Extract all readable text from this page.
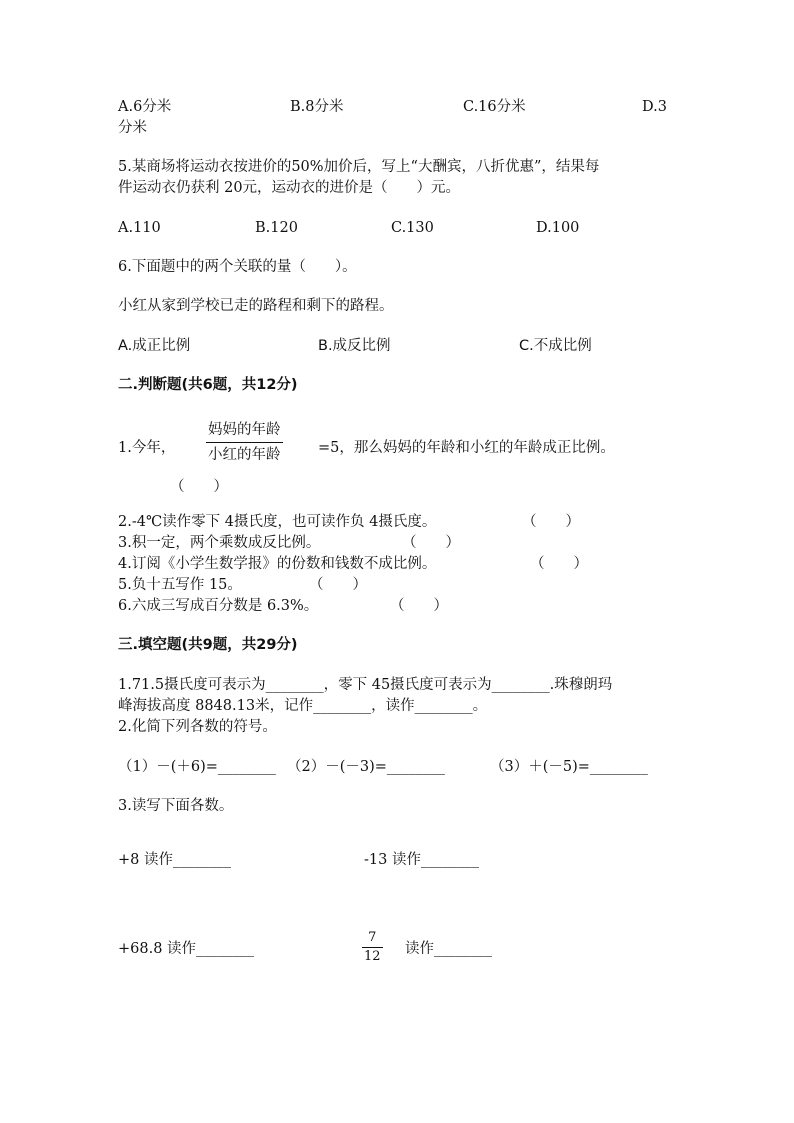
A.6分米	B.8分米	C.16分米	D.3
分米
5.某商场将运动衣按进价的50%加价后，写上“大酬宾，八折优惠”，结果每
件运动衣仍获利 20元，运动衣的进价是（　　）元。
A.110	B.120	C.130	D.100
6.下面题中的两个关联的量（　　）。
小红从家到学校已走的路程和剩下的路程。
A.成正比例	B.成反比例	C.不成比例
二.判断题(共6题，共12分)
1.今年，
妈妈的年龄
小红的年龄	=5，那么妈妈的年龄和小红的年龄成正比例。
（　　）
2.-4℃读作零下 4摄氏度，也可读作负 4摄氏度。	（　　）
3.积一定，两个乘数成反比例。	（　　）
4.订阅《小学生数学报》的份数和钱数不成比例。	（　　）
5.负十五写作 15。	（　　）
6.六成三写成百分数是 6.3%。	（　　）
三.填空题(共9题，共29分)
1.71.5摄氏度可表示为________，零下 45摄氏度可表示为________.珠穆朗玛
峰海拔高度 8848.13米，记作________，读作________。
2.化简下列各数的符号。
（1）－(＋6)=________ （2）－(－3)=________	（3）＋(－5)=________
3.读写下面各数。
+8 读作________	-13 读作________
+68.8 读作________
7
12 读作________
